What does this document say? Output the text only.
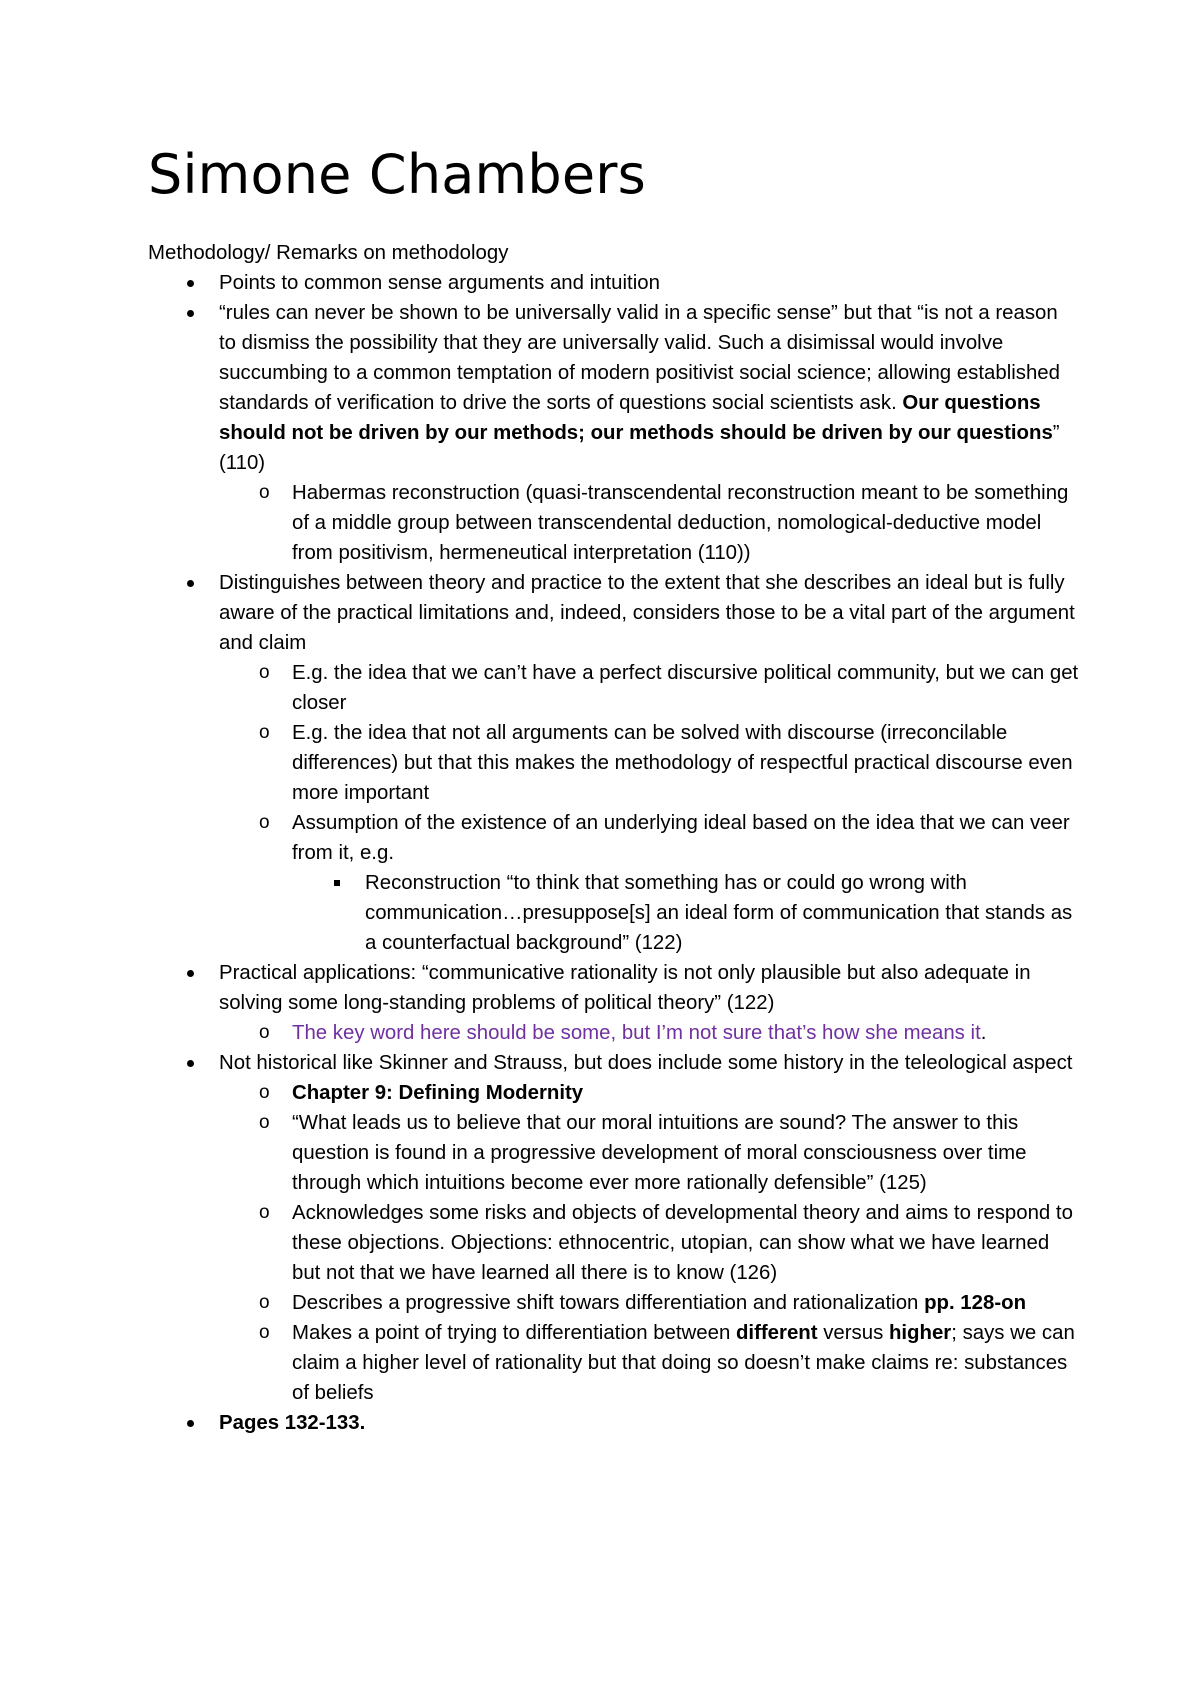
Simone Chambers

Methodology/ Remarks on methodology

Points to common sense arguments and intuition
“rules can never be shown to be universally valid in a specific sense” but that “is not a reason to dismiss the possibility that they are universally valid. Such a disimissal would involve succumbing to a common temptation of modern positivist social science; allowing established standards of verification to drive the sorts of questions social scientists ask. Our questions should not be driven by our methods; our methods should be driven by our questions” (110)
o Habermas reconstruction (quasi-transcendental reconstruction meant to be something of a middle group between transcendental deduction, nomological-deductive model from positivism, hermeneutical interpretation (110))
Distinguishes between theory and practice to the extent that she describes an ideal but is fully aware of the practical limitations and, indeed, considers those to be a vital part of the argument and claim
o E.g. the idea that we can’t have a perfect discursive political community, but we can get closer
o E.g. the idea that not all arguments can be solved with discourse (irreconcilable differences) but that this makes the methodology of respectful practical discourse even more important
o Assumption of the existence of an underlying ideal based on the idea that we can veer from it, e.g.
Reconstruction “to think that something has or could go wrong with communication…presuppose[s] an ideal form of communication that stands as a counterfactual background” (122)
Practical applications: “communicative rationality is not only plausible but also adequate in solving some long-standing problems of political theory” (122)
o The key word here should be some, but I’m not sure that’s how she means it.
Not historical like Skinner and Strauss, but does include some history in the teleological aspect
o Chapter 9: Defining Modernity
o “What leads us to believe that our moral intuitions are sound? The answer to this question is found in a progressive development of moral consciousness over time through which intuitions become ever more rationally defensible” (125)
o Acknowledges some risks and objects of developmental theory and aims to respond to these objections. Objections: ethnocentric, utopian, can show what we have learned but not that we have learned all there is to know (126)
o Describes a progressive shift towars differentiation and rationalization pp. 128-on
o Makes a point of trying to differentiation between different versus higher; says we can claim a higher level of rationality but that doing so doesn’t make claims re: substances of beliefs
Pages 132-133.
